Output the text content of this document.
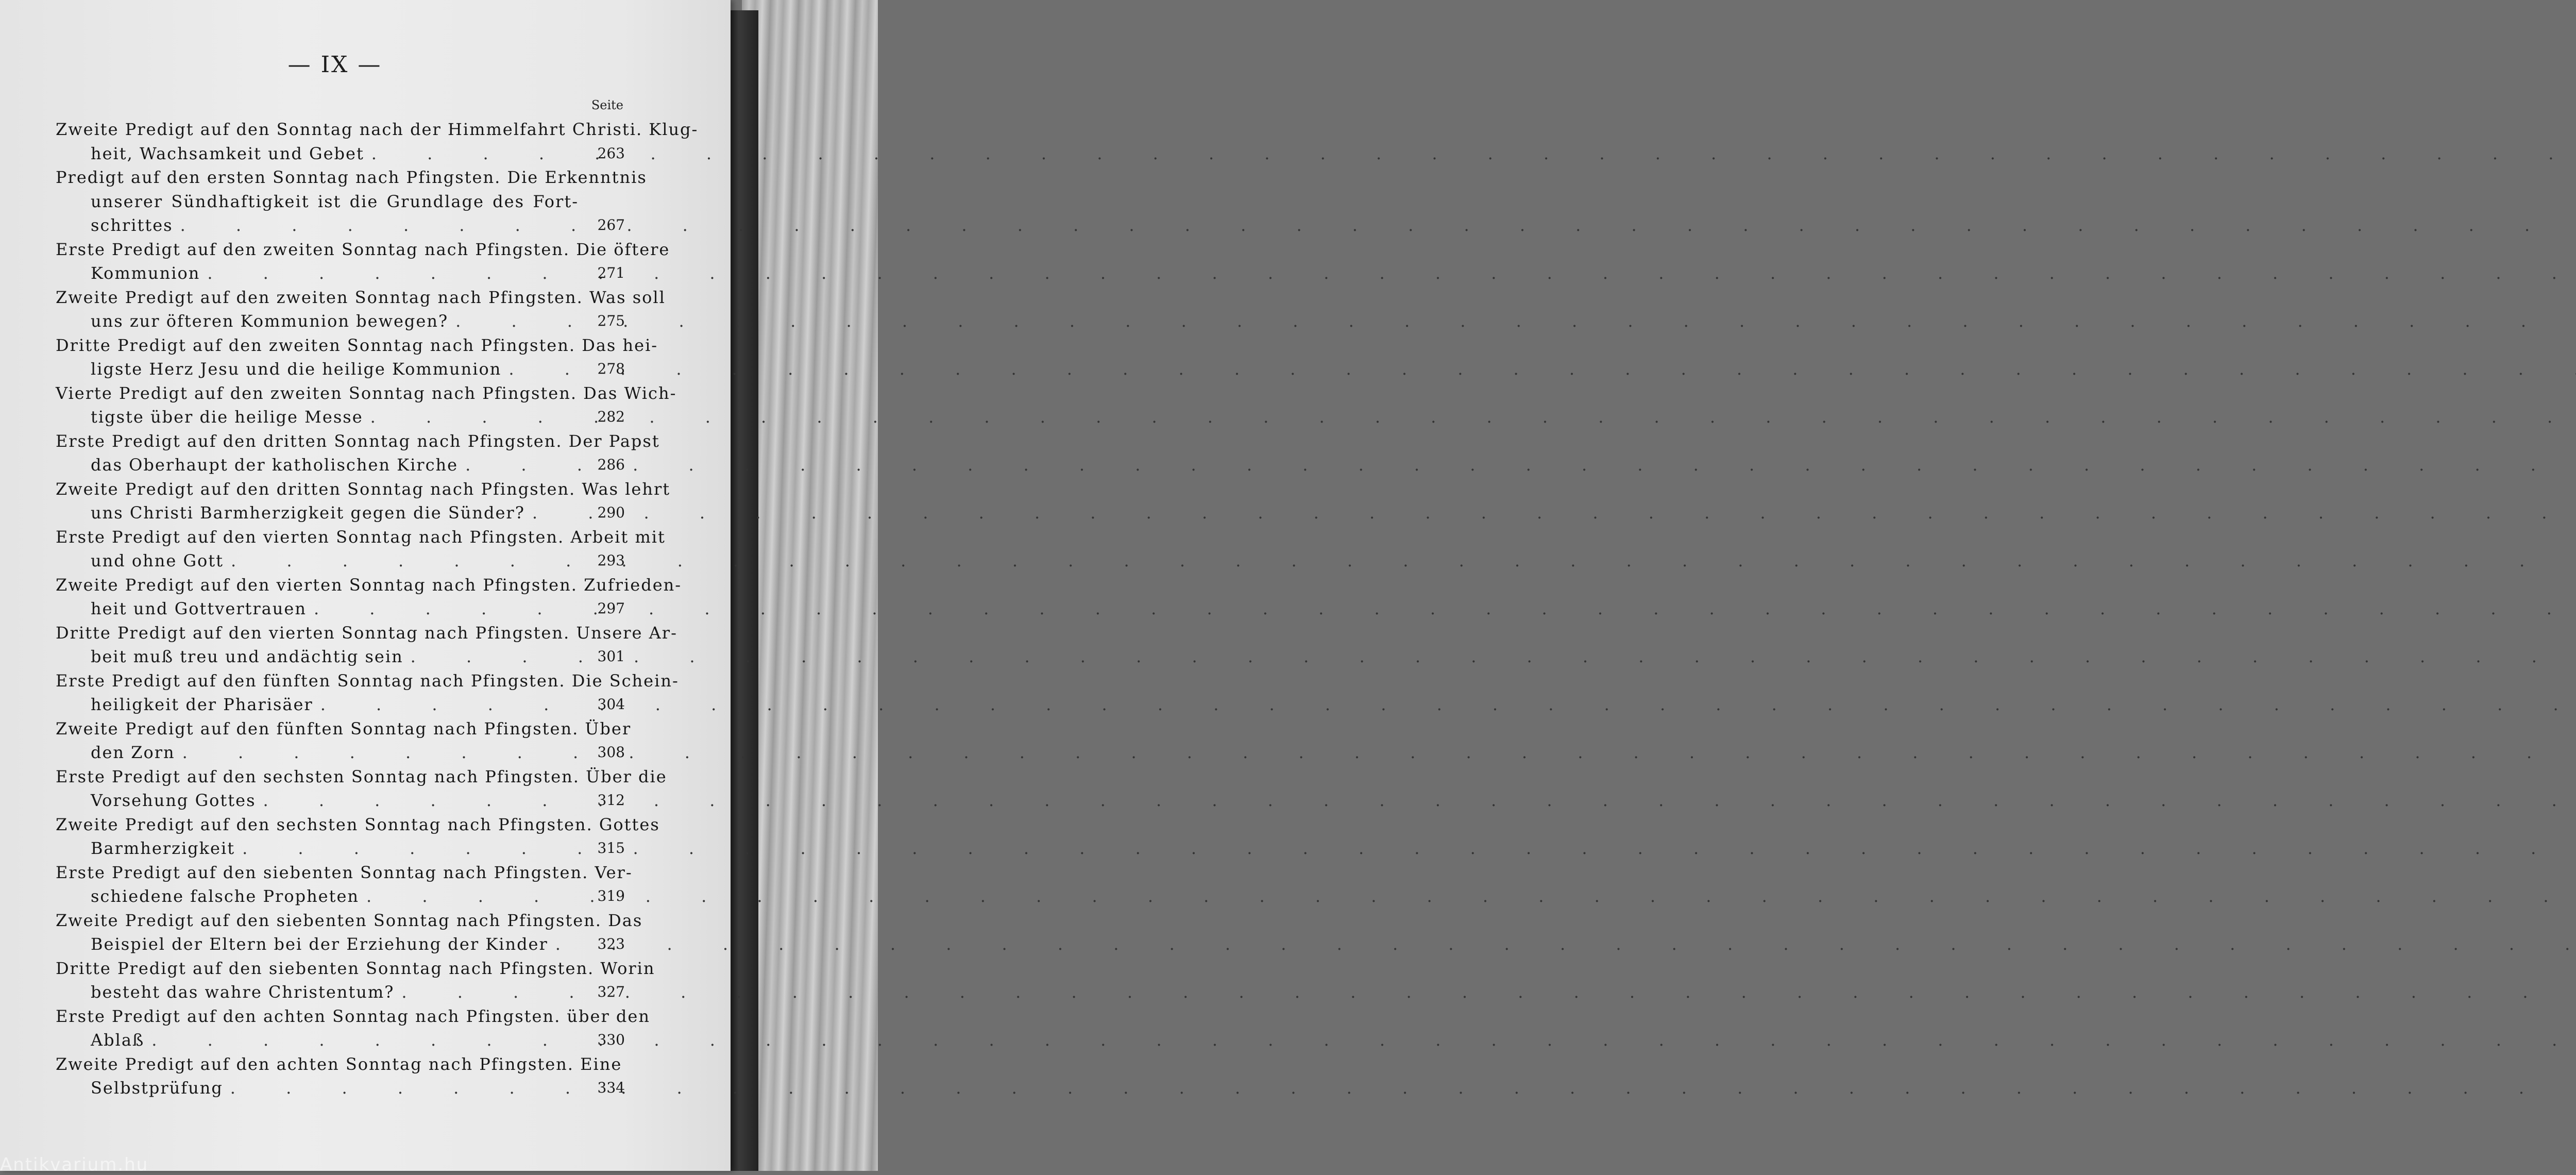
— IX —
Seite
Zweite Predigt auf den Sonntag nach der Himmelfahrt Christi. Klug-
heit, Wachsamkeit und Gebet . . .	263
Predigt auf den ersten Sonntag nach Pfingsten. Die Erkenntnis
unserer Sündhaftigkeit ist die Grundlage des Fort-
schrittes . . .	267
Erste Predigt auf den zweiten Sonntag nach Pfingsten. Die öftere
Kommunion . . .	271
Zweite Predigt auf den zweiten Sonntag nach Pfingsten. Was soll
uns zur öfteren Kommunion bewegen? . . .	275
Dritte Predigt auf den zweiten Sonntag nach Pfingsten. Das hei-
ligste Herz Jesu und die heilige Kommunion . . .	278
Vierte Predigt auf den zweiten Sonntag nach Pfingsten. Das Wich-
tigste über die heilige Messe . . .	282
Erste Predigt auf den dritten Sonntag nach Pfingsten. Der Papst
das Oberhaupt der katholischen Kirche . . .	286
Zweite Predigt auf den dritten Sonntag nach Pfingsten. Was lehrt
uns Christi Barmherzigkeit gegen die Sünder? . . .	290
Erste Predigt auf den vierten Sonntag nach Pfingsten. Arbeit mit
und ohne Gott . . .	293
Zweite Predigt auf den vierten Sonntag nach Pfingsten. Zufrieden-
heit und Gottvertrauen . . .	297
Dritte Predigt auf den vierten Sonntag nach Pfingsten. Unsere Ar-
beit muß treu und andächtig sein . . .	301
Erste Predigt auf den fünften Sonntag nach Pfingsten. Die Schein-
heiligkeit der Pharisäer . . .	304
Zweite Predigt auf den fünften Sonntag nach Pfingsten. Über
den Zorn . . .	308
Erste Predigt auf den sechsten Sonntag nach Pfingsten. Über die
Vorsehung Gottes . . .	312
Zweite Predigt auf den sechsten Sonntag nach Pfingsten. Gottes
Barmherzigkeit . . .	315
Erste Predigt auf den siebenten Sonntag nach Pfingsten. Ver-
schiedene falsche Propheten . . .	319
Zweite Predigt auf den siebenten Sonntag nach Pfingsten. Das
Beispiel der Eltern bei der Erziehung der Kinder . . .	323
Dritte Predigt auf den siebenten Sonntag nach Pfingsten. Worin
besteht das wahre Christentum? . . .	327
Erste Predigt auf den achten Sonntag nach Pfingsten. über den
Ablaß . . .	330
Zweite Predigt auf den achten Sonntag nach Pfingsten. Eine
Selbstprüfung . . .	334
Antikvarium.hu
